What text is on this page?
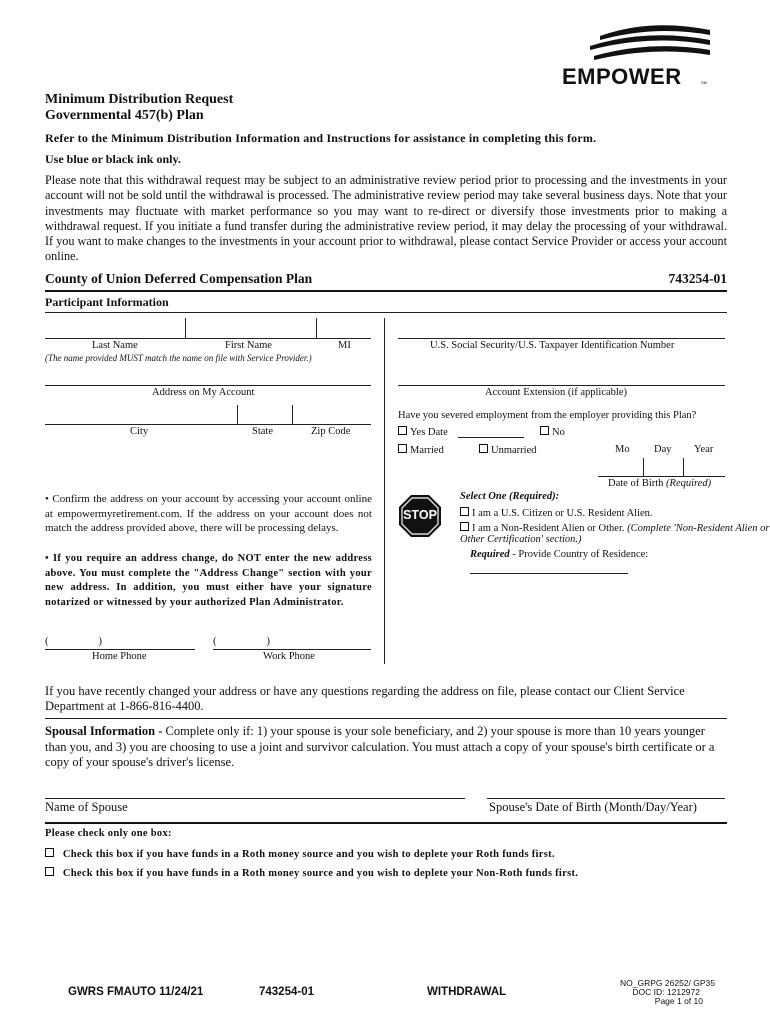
EMPOWER	SM
Minimum Distribution Request
Governmental 457(b) Plan
Refer to the Minimum Distribution Information and Instructions for assistance in completing this form.
Use blue or black ink only.

Please note that this withdrawal request may be subject to an administrative review period prior to processing and the investments in your account will not be sold until the withdrawal is processed. The administrative review period may take several business days. Note that your investments may fluctuate with market performance so you may want to re-direct or diversify those investments prior to making a withdrawal request. If you initiate a fund transfer during the administrative review period, it may delay the processing of your withdrawal. If you want to make changes to the investments in your account prior to withdrawal, please contact Service Provider or access your account online.

County of Union Deferred Compensation Plan	743254-01
Participant Information
Last Name	First Name	MI
(The name provided MUST match the name on file with Service Provider.)
U.S. Social Security/U.S. Taxpayer Identification Number
Address on My Account	Account Extension (if applicable)
City	State	Zip Code
Have you severed employment from the employer providing this Plan?
Yes Date	No
Married	Unmarried	Mo Day Year
Date of Birth (Required)

• Confirm the address on your account by accessing your account online at empowermyretirement.com. If the address on your account does not match the address provided above, there will be processing delays.

• If you require an address change, do NOT enter the new address above. You must complete the "Address Change" section with your new address. In addition, you must either have your signature notarized or witnessed by your authorized Plan Administrator.

STOP
Select One (Required):
I am a U.S. Citizen or U.S. Resident Alien.
I am a Non-Resident Alien or Other. (Complete 'Non-Resident Alien or Other Certification' section.)
Required - Provide Country of Residence:
(	)
Home Phone
(	)
Work Phone

If you have recently changed your address or have any questions regarding the address on file, please contact our Client Service Department at 1-866-816-4400.

Spousal Information - Complete only if: 1) your spouse is your sole beneficiary, and 2) your spouse is more than 10 years younger than you, and 3) you are choosing to use a joint and survivor calculation. You must attach a copy of your spouse's birth certificate or a copy of your spouse's driver's license.

Name of Spouse	Spouse's Date of Birth (Month/Day/Year)
Please check only one box:
Check this box if you have funds in a Roth money source and you wish to deplete your Roth funds first.
Check this box if you have funds in a Roth money source and you wish to deplete your Non-Roth funds first.
GWRS FMAUTO 11/24/21	743254-01	WITHDRAWAL
NO_GRPG 26252/ GP35
DOC ID: 1212972
Page 1 of 10
